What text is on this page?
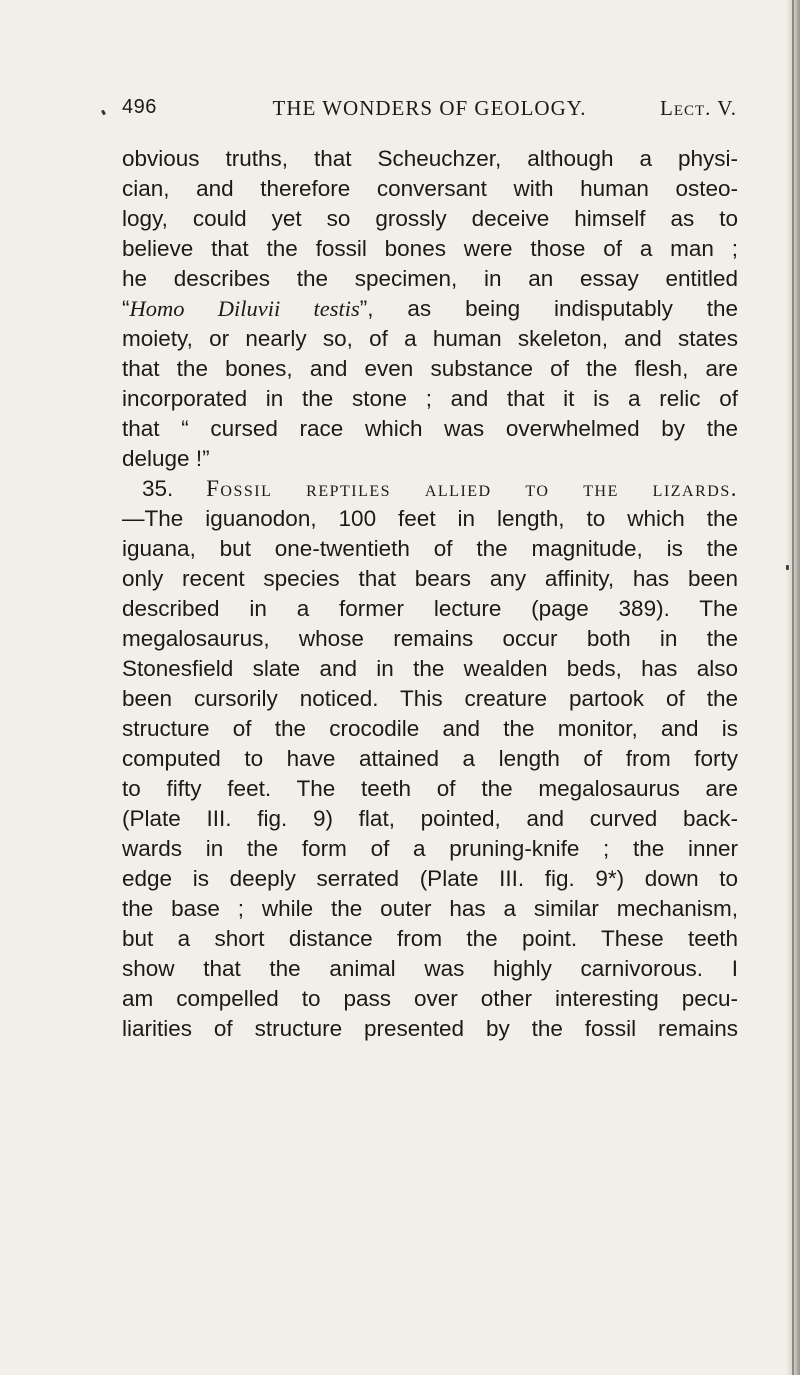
496	THE WONDERS OF GEOLOGY.	Lect. V.
obvious truths, that Scheuchzer, although a physi-
cian, and therefore conversant with human osteo-
logy, could yet so grossly deceive himself as to
believe that the fossil bones were those of a man ;
he describes the specimen, in an essay entitled
“Homo Diluvii testis”, as being indisputably the
moiety, or nearly so, of a human skeleton, and states
that the bones, and even substance of the flesh, are
incorporated in the stone ; and that it is a relic of
that “ cursed race which was overwhelmed by the
deluge !”
35. Fossil reptiles allied to the lizards.
—The iguanodon, 100 feet in length, to which the
iguana, but one-twentieth of the magnitude, is the
only recent species that bears any affinity, has been
described in a former lecture (page 389). The
megalosaurus, whose remains occur both in the
Stonesfield slate and in the wealden beds, has also
been cursorily noticed. This creature partook of the
structure of the crocodile and the monitor, and is
computed to have attained a length of from forty
to fifty feet. The teeth of the megalosaurus are
(Plate III. fig. 9) flat, pointed, and curved back-
wards in the form of a pruning-knife ; the inner
edge is deeply serrated (Plate III. fig. 9*) down to
the base ; while the outer has a similar mechanism,
but a short distance from the point. These teeth
show that the animal was highly carnivorous. I
am compelled to pass over other interesting pecu-
liarities of structure presented by the fossil remains
